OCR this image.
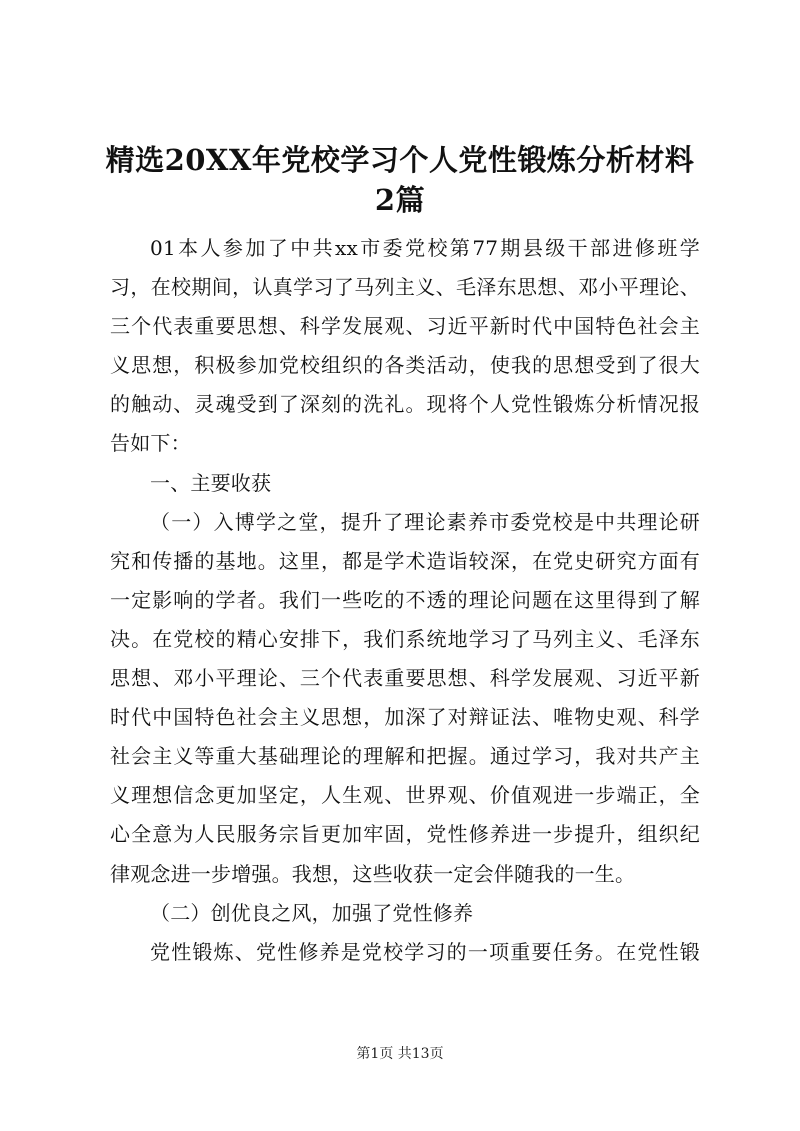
精选20XX年党校学习个人党性锻炼分析材料
2篇
01本人参加了中共xx市委党校第77期县级干部进修班学
习，在校期间，认真学习了马列主义、毛泽东思想、邓小平理论、
三个代表重要思想、科学发展观、习近平新时代中国特色社会主
义思想，积极参加党校组织的各类活动，使我的思想受到了很大
的触动、灵魂受到了深刻的洗礼。现将个人党性锻炼分析情况报
告如下：
一、主要收获
（一）入博学之堂，提升了理论素养市委党校是中共理论研
究和传播的基地。这里，都是学术造诣较深，在党史研究方面有
一定影响的学者。我们一些吃的不透的理论问题在这里得到了解
决。在党校的精心安排下，我们系统地学习了马列主义、毛泽东
思想、邓小平理论、三个代表重要思想、科学发展观、习近平新
时代中国特色社会主义思想，加深了对辩证法、唯物史观、科学
社会主义等重大基础理论的理解和把握。通过学习，我对共产主
义理想信念更加坚定，人生观、世界观、价值观进一步端正，全
心全意为人民服务宗旨更加牢固，党性修养进一步提升，组织纪
律观念进一步增强。我想，这些收获一定会伴随我的一生。
（二）创优良之风，加强了党性修养
党性锻炼、党性修养是党校学习的一项重要任务。在党性锻
第1页 共13页
